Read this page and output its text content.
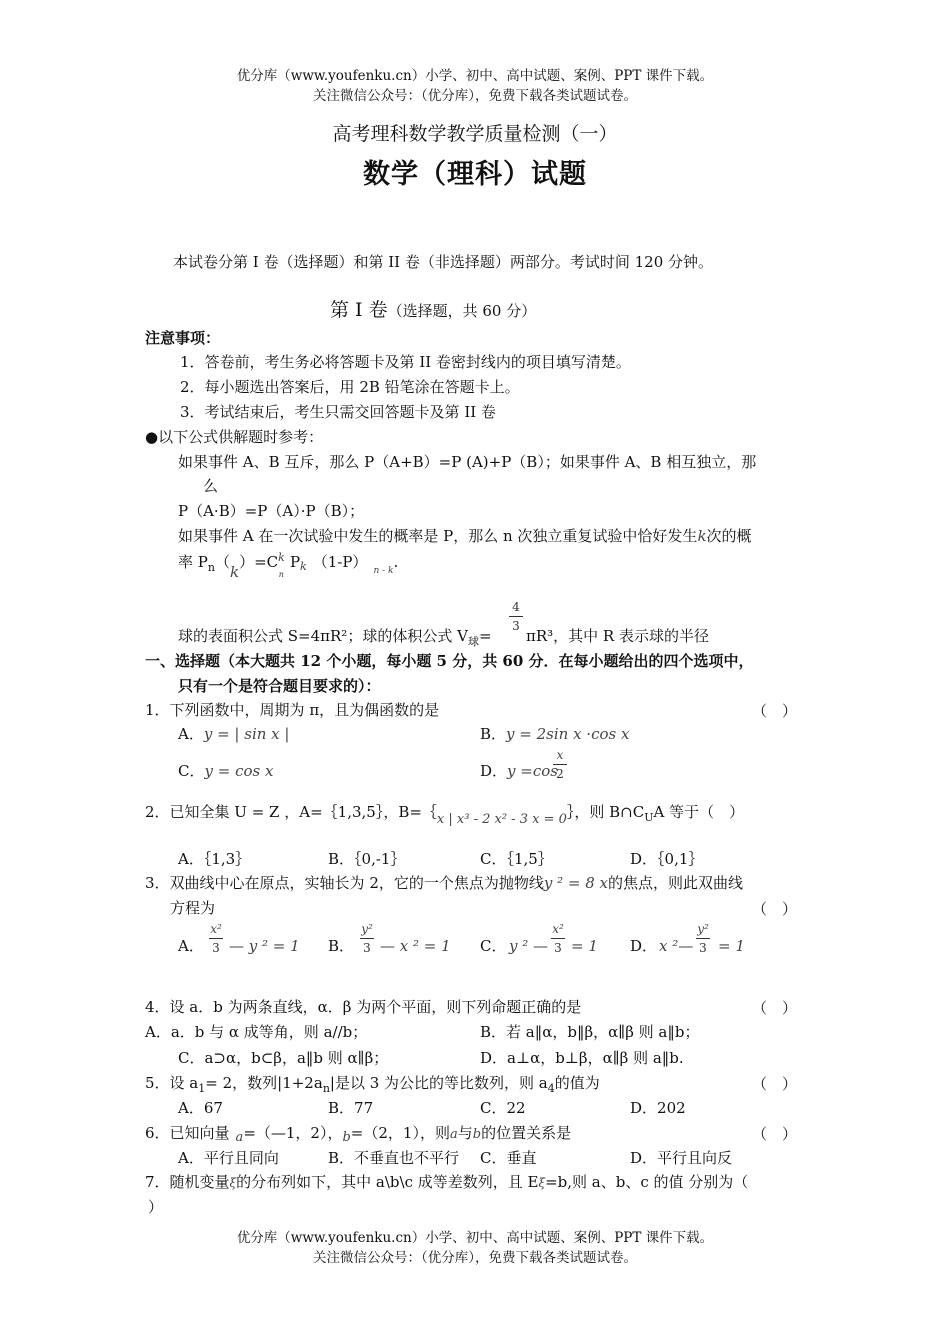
优分库（www.youfenku.cn）小学、初中、高中试题、案例、PPT 课件下载。
关注微信公众号：（优分库），免费下载各类试题试卷。
高考理科数学教学质量检测（一）
数学（理科）试题
本试卷分第 I 卷（选择题）和第 II 卷（非选择题）两部分。考试时间 120 分钟。
第 I 卷（选择题，共 60 分）
注意事项：
1．答卷前，考生务必将答题卡及第 II 卷密封线内的项目填写清楚。
2．每小题选出答案后，用 2B 铅笔涂在答题卡上。
3．考试结束后，考生只需交回答题卡及第 II 卷
●以下公式供解题时参考：
如果事件 A、B 互斥，那么 P（A+B）=P (A)+P（B）；如果事件 A、B 相互独立，那
么
P（A·B）=P（A）·P（B）；
如果事件 A 在一次试验中发生的概率是 P，那么 n 次独立重复试验中恰好发生k次的概
率 $P_n(k)=C^k_nP_k$ （1-P） $_{n - k}$.
球的表面积公式 S=4πR²；球的体积公式 $V_球=$
4
3
πR³，其中 R 表示球的半径
一、选择题（本大题共 12 个小题，每小题 5 分，共 60 分．在每小题给出的四个选项中，
只有一个是符合题目要求的）：
1．下列函数中，周期为 π，且为偶函数的是	（　）
A．y = | sin x |	B．y = 2sin x ·cos x
C．y = cos x	D．y =cos
x
2
2．已知全集 U = Z ，A=｛1,3,5｝，B=｛x | x³ - 2 x² - 3 x = 0｝，则 $B\cap C_UA$ 等于（　）
A．｛1,3｝	B．｛0,-1｝	C．｛1,5｝	D．｛0,1｝
3．双曲线中心在原点，实轴长为 2，它的一个焦点为抛物线y ² = 8 x的焦点，则此双曲线
方程为	（　）
A．
x²
3 — y ² = 1 B．
y²
3 — x ² = 1 C． y ² —
x²
3 = 1 D． x ²—
y²
3 = 1
4．设 a．b 为两条直线，α．β 为两个平面，则下列命题正确的是	（　）
A．a．b 与 α 成等角，则 a//b；	B．若 a‖α，b‖β，α∥β 则 a‖b；
C．a⊃α，b⊂β，a‖b 则 α∥β；	D．a⊥α，b⊥β，α∥β 则 a‖b.
5．设 $a_1= 2$，数列$|1+2a_n|$是以 3 为公比的等比数列，则 $a_4$的值为	（　）
A．67	B．77	C．22	D．202
6．已知向量 a=（—1，2），b=（2，1），则a与b的位置关系是	（　）
A．平行且同向	B．不垂直也不平行 C．垂直	D．平行且向反
7．随机变量ξ的分布列如下，其中 a\b\c 成等差数列，且 Eξ=b,则 a、b、c 的值 分别为（
）
优分库（www.youfenku.cn）小学、初中、高中试题、案例、PPT 课件下载。
关注微信公众号：（优分库），免费下载各类试题试卷。
